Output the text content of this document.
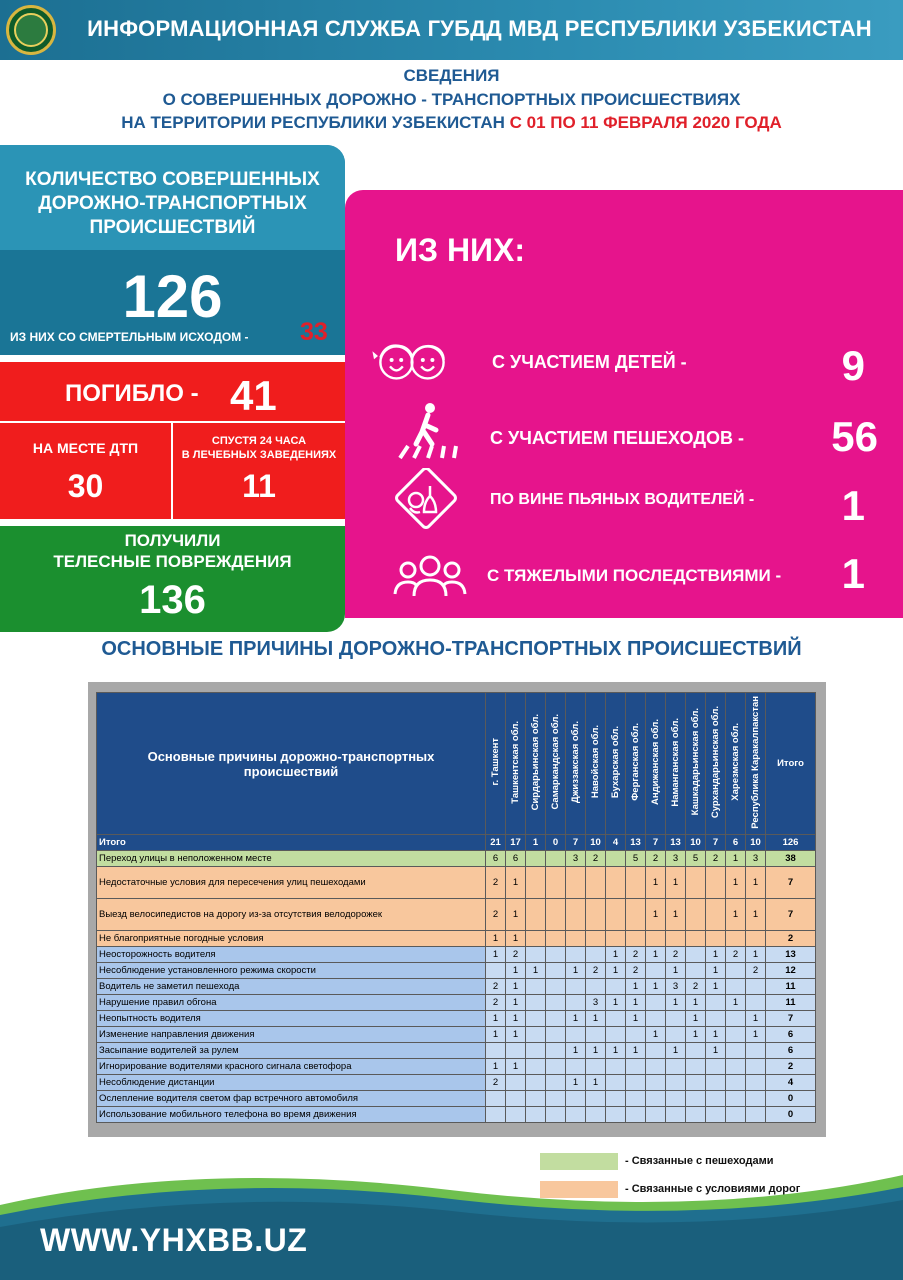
ИНФОРМАЦИОННАЯ СЛУЖБА ГУБДД МВД РЕСПУБЛИКИ УЗБЕКИСТАН
СВЕДЕНИЯ
О СОВЕРШЕННЫХ ДОРОЖНО - ТРАНСПОРТНЫХ ПРОИСШЕСТВИЯХ
НА ТЕРРИТОРИИ РЕСПУБЛИКИ УЗБЕКИСТАН С 01 ПО 11 ФЕВРАЛЯ 2020 ГОДА
КОЛИЧЕСТВО СОВЕРШЕННЫХ
ДОРОЖНО-ТРАНСПОРТНЫХ
ПРОИСШЕСТВИЙ
126
ИЗ НИХ СО СМЕРТЕЛЬНЫМ ИСХОДОМ - 33
ПОГИБЛО - 41
НА МЕСТЕ ДТП
30
СПУСТЯ 24 ЧАСА
В ЛЕЧЕБНЫХ ЗАВЕДЕНИЯХ
11
ПОЛУЧИЛИ
ТЕЛЕСНЫЕ ПОВРЕЖДЕНИЯ
136
ИЗ НИХ:
С УЧАСТИЕМ ДЕТЕЙ -	9
С УЧАСТИЕМ ПЕШЕХОДОВ -	56
ПО ВИНЕ ПЬЯНЫХ ВОДИТЕЛЕЙ -	1
С ТЯЖЕЛЫМИ ПОСЛЕДСТВИЯМИ -	1
ОСНОВНЫЕ ПРИЧИНЫ ДОРОЖНО-ТРАНСПОРТНЫХ ПРОИСШЕСТВИЙ
Основные причины дорожно-транспортных происшествий	г. Ташкент	Ташкентская обл.	Сирдарьинская обл.	Самаркандская обл.	Джиззакская обл.	Навойская обл.	Бухарская обл.	Ферганская обл.	Андижанская обл.	Наманганская обл.	Кашкадарьинская обл.	Сурхандарьинская обл.	Харезмская обл.	Республика Каракалпакстан	Итого
Итого	21	17	1	0	7	10	4	13	7	13	10	7	6	10	126
Переход улицы в неположенном месте	6	6			3	2		5	2	3	5	2	1	3	38
Недостаточные условия для пересечения улиц пешеходами	2	1							1	1			1	1	7
Выезд велосипедистов на дорогу из-за отсутствия велодорожек	2	1							1	1			1	1	7
Не благоприятные погодные условия	1	1													2
Неосторожность водителя	1	2					1	2	1	2		1	2	1	13
Несоблюдение установленного режима скорости		1	1		1	2	1	2		1		1		2	12
Водитель не заметил пешехода	2	1						1	1	3	2	1			11
Нарушение правил обгона	2	1				3	1	1		1	1		1		11
Неопытность водителя	1	1			1	1		1			1			1	7
Изменение направления движения	1	1							1		1	1		1	6
Засыпание водителей за рулем					1	1	1	1		1		1			6
Игнорирование водителями красного сигнала светофора	1	1													2
Несоблюдение дистанции	2				1	1									4
Ослепление водителя светом фар встречного автомобиля															0
Использование мобильного телефона во время движения															0
- Связанные с пешеходами
- Связанные с условиями дорог
WWW.YHXBB.UZ
